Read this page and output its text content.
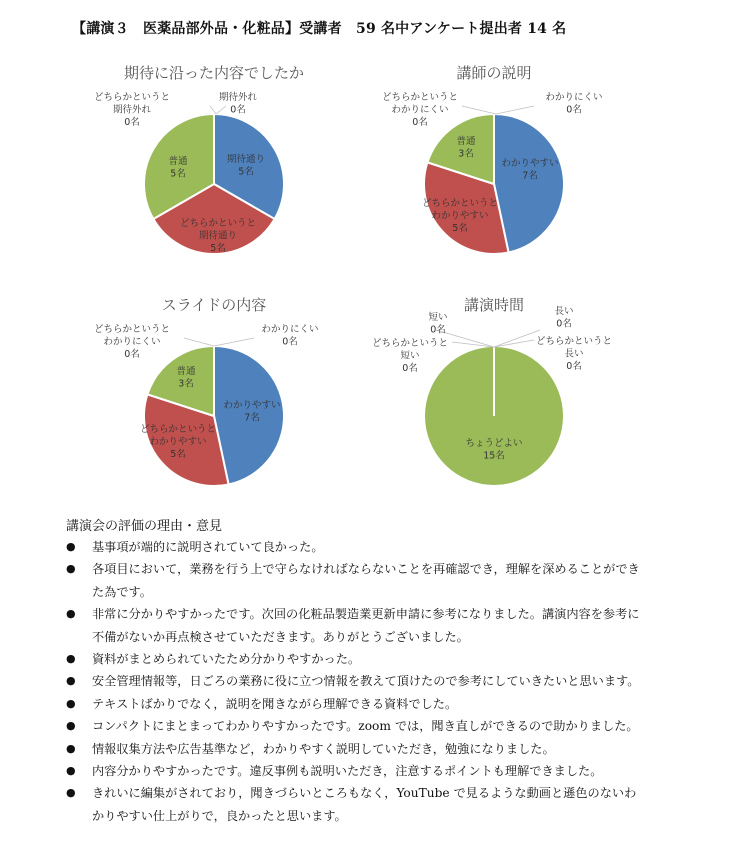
【講演３　医薬品部外品・化粧品】受講者　59 名中アンケート提出者 14 名
期待に沿った内容でしたか
期待通り 5名
どちらかというと期待通り 5名
普通 5名
どちらかというと期待外れ 0名
期待外れ 0名
講師の説明
わかりやすい 7名
どちらかというとわかりやすい 5名
普通 3名
どちらかというとわかりにくい 0名
わかりにくい 0名
スライドの内容
わかりやすい 7名
どちらかというとわかりやすい 5名
普通 3名
どちらかというとわかりにくい 0名
わかりにくい 0名
講演時間	長い 0名
どちらかというと長い 0名
ちょうどよい 15名
どちらかというと短い 0名
短い 0名
講演会の評価の理由・意見
● 基事項が端的に説明されていて良かった。
● 各項目において，業務を行う上で守らなければならないことを再確認でき，理解を深めることができた為です。
● 非常に分かりやすかったです。次回の化粧品製造業更新申請に参考になりました。講演内容を参考に不備がないか再点検させていただきます。ありがとうございました。
● 資料がまとめられていたため分かりやすかった。
● 安全管理情報等，日ごろの業務に役に立つ情報を教えて頂けたので参考にしていきたいと思います。
● テキストばかりでなく，説明を聞きながら理解できる資料でした。
● コンパクトにまとまってわかりやすかったです。zoom では，聞き直しができるので助かりました。
● 情報収集方法や広告基準など，わかりやすく説明していただき，勉強になりました。
● 内容分かりやすかったです。違反事例も説明いただき，注意するポイントも理解できました。
● きれいに編集がされており，聞きづらいところもなく，YouTube で見るような動画と遜色のないわかりやすい仕上がりで，良かったと思います。
